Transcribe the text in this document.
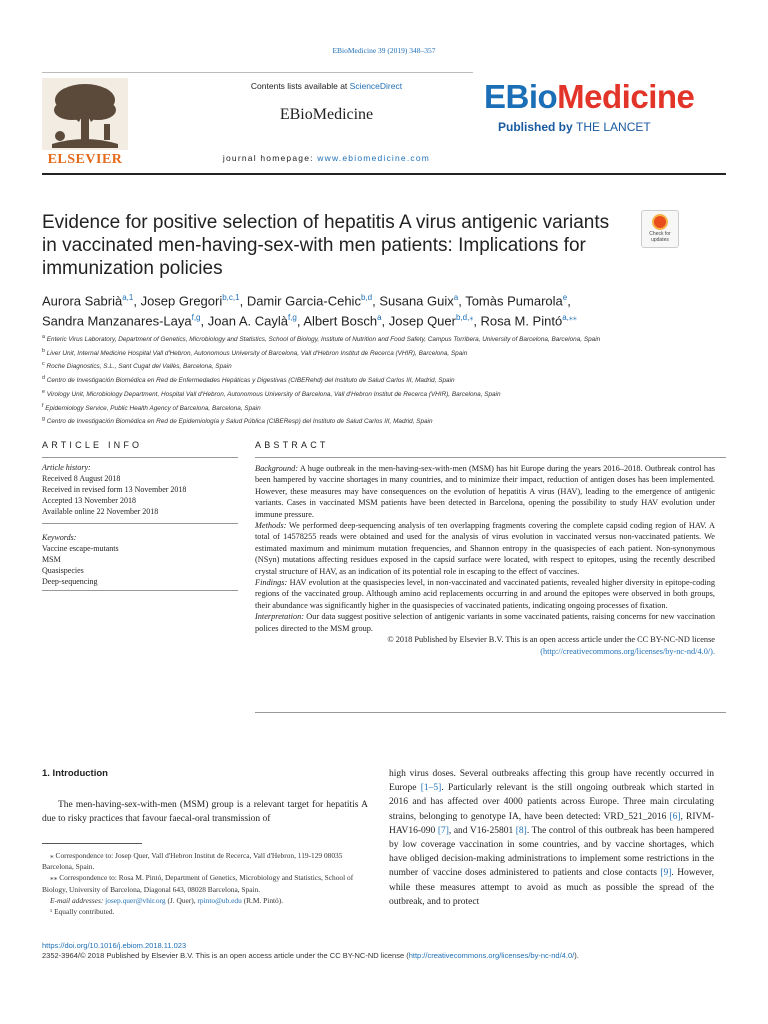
EBioMedicine 39 (2019) 348–357
ELSEVIER
Contents lists available at ScienceDirect
EBioMedicine
journal homepage: www.ebiomedicine.com
EBioMedicine
Published by THE LANCET
Evidence for positive selection of hepatitis A virus antigenic variants in vaccinated men-having-sex-with men patients: Implications for immunization policies
Check for updates
Aurora Sabrià$^{a,1}$, Josep Gregori$^{b,c,1}$, Damir Garcia-Cehic$^{b,d}$, Susana Guix$^a$, Tomàs Pumarola$^e$,
Sandra Manzanares-Laya$^{f,g}$, Joan A. Caylà$^{f,g}$, Albert Bosch$^a$, Josep Quer$^{b,d,⁎}$, Rosa M. Pintó$^{a,⁎⁎}$
$^a$ Enteric Virus Laboratory, Department of Genetics, Microbiology and Statistics, School of Biology, Institute of Nutrition and Food Safety, Campus Torribera, University of Barcelona, Barcelona, Spain
$^b$ Liver Unit, Internal Medicine Hospital Vall d'Hebron, Autonomous University of Barcelona, Vall d'Hebron Institut de Recerca (VHIR), Barcelona, Spain
$^c$ Roche Diagnostics, S.L., Sant Cugat del Vallès, Barcelona, Spain
$^d$ Centro de Investigación Biomédica en Red de Enfermedades Hepáticas y Digestivas (CIBERehd) del Instituto de Salud Carlos III, Madrid, Spain
$^e$ Virology Unit, Microbiology Department, Hospital Vall d'Hebron, Autonomous University of Barcelona, Vall d'Hebron Institut de Recerca (VHIR), Barcelona, Spain
$^f$ Epidemiology Service, Public Health Agency of Barcelona, Barcelona, Spain
$^g$ Centro de Investigación Biomédica en Red de Epidemiología y Salud Pública (CIBEResp) del Instituto de Salud Carlos III, Madrid, Spain
ARTICLE INFO
Article history:
Received 8 August 2018
Received in revised form 13 November 2018
Accepted 13 November 2018
Available online 22 November 2018
Keywords:
Vaccine escape-mutants
MSM
Quasispecies
Deep-sequencing
ABSTRACT
Background: A huge outbreak in the men-having-sex-with-men (MSM) has hit Europe during the years 2016–2018. Outbreak control has been hampered by vaccine shortages in many countries, and to minimize their impact, reduction of antigen doses has been implemented. However, these measures may have consequences on the evolution of hepatitis A virus (HAV), leading to the emergence of antigenic variants. Cases in vaccinated MSM patients have been detected in Barcelona, opening the possibility to study HAV evolution under immune pressure.
Methods: We performed deep-sequencing analysis of ten overlapping fragments covering the complete capsid coding region of HAV. A total of 14578255 reads were obtained and used for the analysis of virus evolution in vaccinated versus non-vaccinated patients. We estimated maximum and minimum mutation frequencies, and Shannon entropy in the quasispecies of each patient. Non-synonymous (NSyn) mutations affecting residues exposed in the capsid surface were located, with respect to epitopes, using the recently described crystal structure of HAV, as an indication of its potential role in escaping to the effect of vaccines.
Findings: HAV evolution at the quasispecies level, in non-vaccinated and vaccinated patients, revealed higher diversity in epitope-coding regions of the vaccinated group. Although amino acid replacements occurring in and around the epitopes were observed in both groups, their abundance was significantly higher in the quasispecies of vaccinated patients, indicating ongoing processes of fixation.
Interpretation: Our data suggest positive selection of antigenic variants in some vaccinated patients, raising concerns for new vaccination polices directed to the MSM group.
© 2018 Published by Elsevier B.V. This is an open access article under the CC BY-NC-ND license
(http://creativecommons.org/licenses/by-nc-nd/4.0/).
1. Introduction
The men-having-sex-with-men (MSM) group is a relevant target for hepatitis A due to risky practices that favour faecal-oral transmission of
high virus doses. Several outbreaks affecting this group have recently occurred in Europe [1–5]. Particularly relevant is the still ongoing outbreak which started in 2016 and has affected over 4000 patients across Europe. Three main circulating strains, belonging to genotype IA, have been detected: VRD_521_2016 [6], RIVM-HAV16-090 [7], and V16-25801 [8]. The control of this outbreak has been hampered by low coverage vaccination in some countries, and by vaccine shortages, which have obliged decision-making administrations to implement some restrictions in the number of vaccine doses administered to patients and close contacts [9]. However, while these measures attempt to avoid as much as possible the spread of the outbreak, and to protect
⁎ Correspondence to: Josep Quer, Vall d'Hebron Institut de Recerca, Vall d'Hebron, 119-129 08035 Barcelona, Spain.
⁎⁎ Correspondence to: Rosa M. Pintó, Department of Genetics, Microbiology and Statistics, School of Biology, University of Barcelona, Diagonal 643, 08028 Barcelona, Spain.
E-mail addresses: josep.quer@vhir.org (J. Quer), rpinto@ub.edu (R.M. Pintó).
¹ Equally contributed.
https://doi.org/10.1016/j.ebiom.2018.11.023
2352-3964/© 2018 Published by Elsevier B.V. This is an open access article under the CC BY-NC-ND license (http://creativecommons.org/licenses/by-nc-nd/4.0/).
